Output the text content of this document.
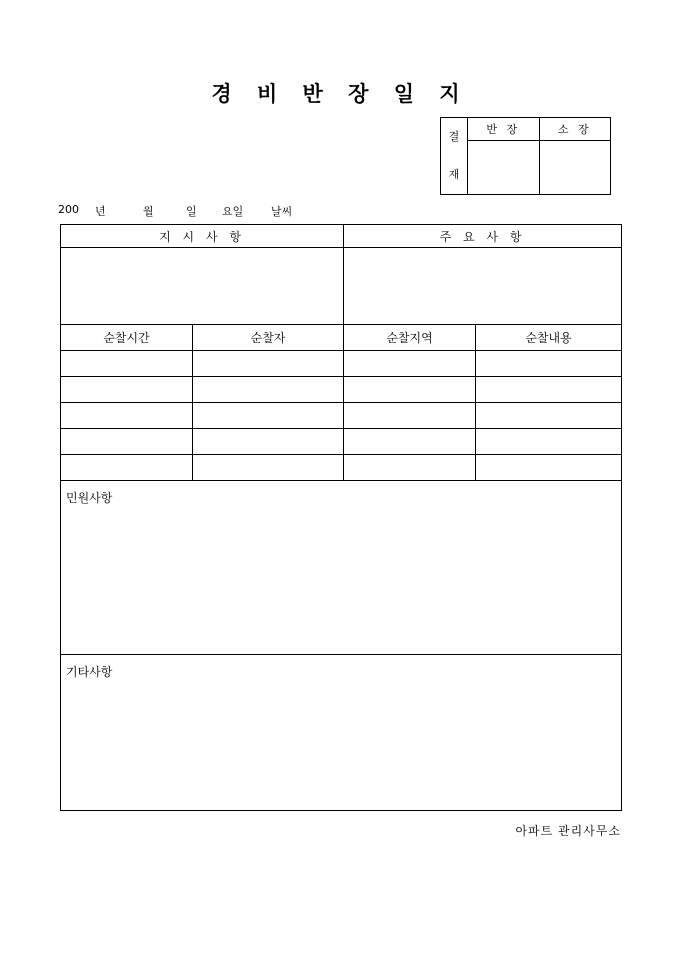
경 비 반 장 일 지
결
재	반 장	소 장

200 년	월	일 요일	날씨
지 시 사 항		주 요 사 항	

순찰시간	순찰자	순찰지역	순찰내용

민원사항			
기타사항			
아파트 관리사무소
